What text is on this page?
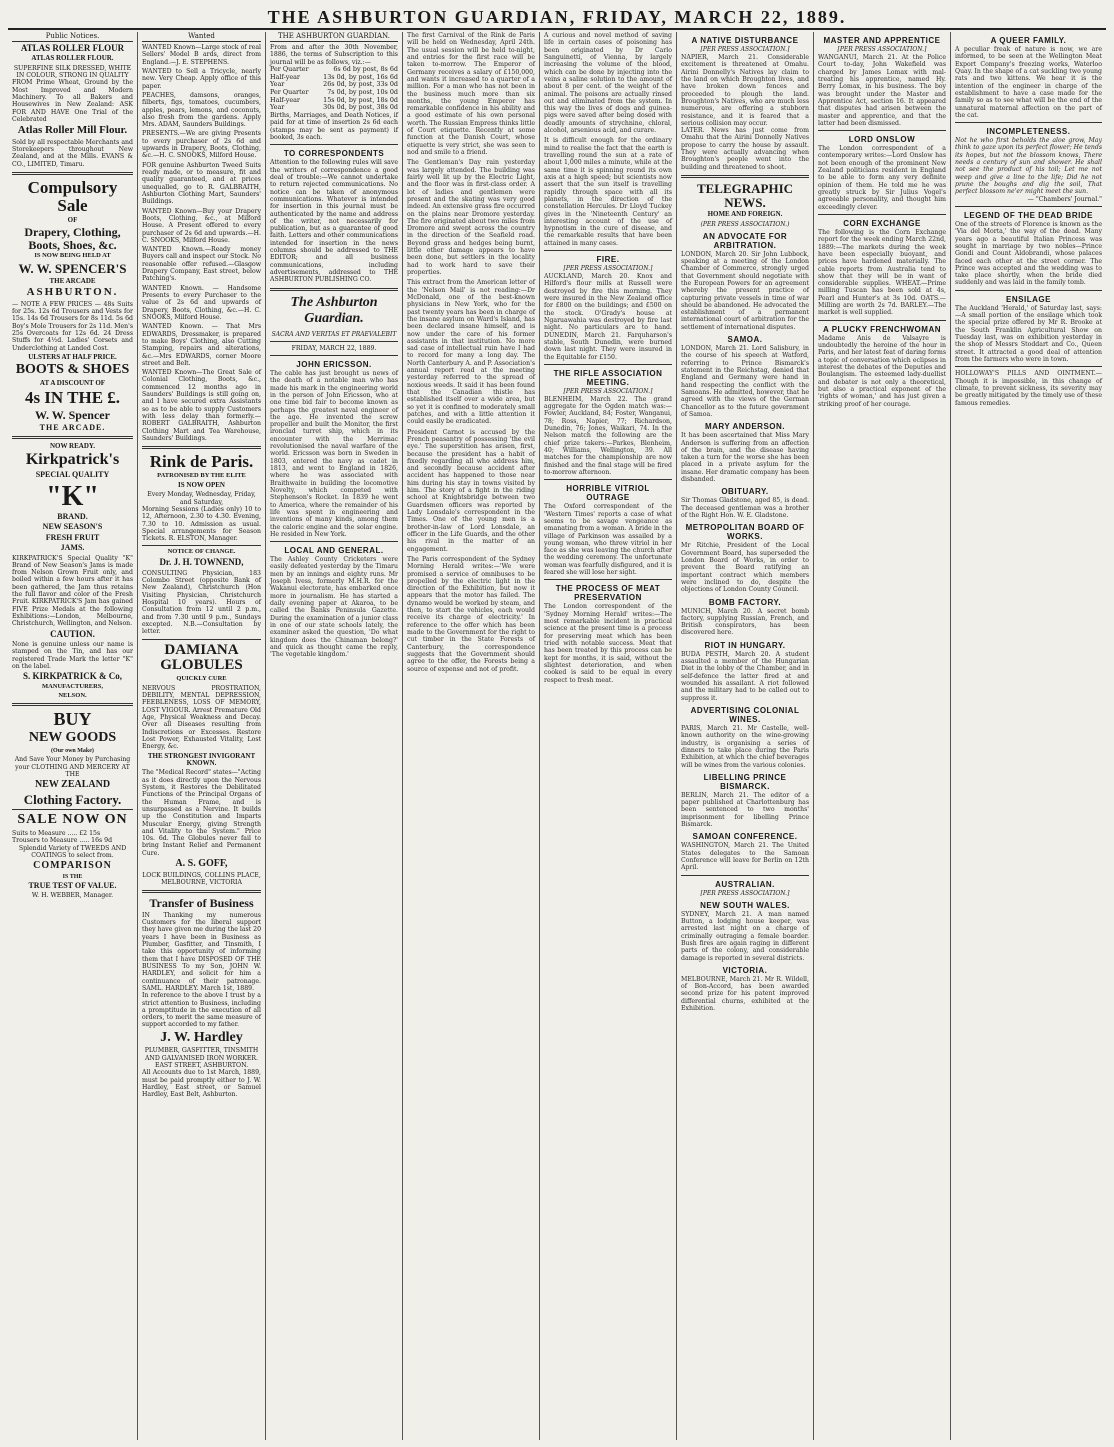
THE ASHBURTON GUARDIAN, FRIDAY, MARCH 22, 1889.
Public Notices.
ATLAS ROLLER FLOUR
ATLAS ROLLER FLOUR.
SUPERFINE SILK DRESSED, WHITE IN COLOUR, STRONG IN QUALITY
FROM Prime Wheat, Ground by the Most Improved and Modern Machinery. To all Bakers and Housewives in New Zealand: ASK FOR AND HAVE One Trial of the Celebrated
Atlas Roller Mill Flour.
Sold by all respectable Merchants and Storekeepers throughout New Zealand, and at the Mills. EVANS & CO., LIMITED, Timaru.
Compulsory Sale
OF
Drapery, Clothing, Boots, Shoes, &c.
IS NOW BEING HELD AT
W. W. SPENCER'S
THE ARCADE
ASHBURTON.
— NOTE A FEW PRICES — 48s Suits for 25s. 12s 6d Trousers and Vests for 15s. 14s 6d Trousers for 8s 11d. 5s 6d Boy's Mole Trousers for 2s 11d. Men's 25s Overcoats for 12s 6d. 24 Dress Stuffs for 4½d. Ladies' Corsets and Underclothing at Landed Cost.
ULSTERS AT HALF PRICE.
BOOTS & SHOES
AT A DISCOUNT OF
4s IN THE £.
W. W. Spencer
THE ARCADE.
NOW READY.
Kirkpatrick's
SPECIAL QUALITY
"K"
BRAND.
NEW SEASON'S
FRESH FRUIT
JAMS.
KIRKPATRICK'S Special Quality "K" Brand of New Season's Jams is made from Nelson Grown Fruit only, and boiled within a few hours after it has been gathered, the Jam thus retains the full flavor and color of the Fresh Fruit. KIRKPATRICK'S Jam has gained FIVE Prize Medals at the following Exhibitions:—London, Melbourne, Christchurch, Wellington, and Nelson.
CAUTION.
None is genuine unless our name is stamped on the Tin, and has our registered Trade Mark the letter "K" on the label.
S. KIRKPATRICK & Co,
MANUFACTURERS,
NELSON.
BUY
NEW GOODS
(Our own Make)
And Save Your Money by Purchasing your CLOTHING AND MERCERY AT THE
NEW ZEALAND
Clothing Factory.
SALE NOW ON
Suits to Measure ..... £2 15s
Trousers to Measure ..... 16s 9d
Splendid Variety of TWEEDS AND COATINGS to select from.
COMPARISON
IS THE
TRUE TEST OF VALUE.
W. H. WEBBER, Manager.
Wanted

WANTED Known—Large stock of real Sellers' Model B ards, direct from England.—J. E. STEPHENS.

WANTED to Sell a Tricycle, nearly new. Very Cheap. Apply office of this paper.

PEACHES, damsons, oranges, filberts, figs, tomatoes, cucumbers, apples, pears, lemons, and coconuts, also fresh from the gardens. Apply Mrs. ADAM, Saunders Buildings.

PRESENTS.—We are giving Presents to every purchaser of 2s 6d and upwards in Drapery, Boots, Clothing, &c.—H. C. SNOOKS, Milford House.

FOR genuine Ashburton Tweed Suits ready made, or to measure, fit and quality guaranteed, and at prices unequalled, go to R. GALBRAITH, Ashburton Clothing Mart, Saunders' Buildings.

WANTED Known—Buy your Drapery Boots, Clothing, &c., at Milford House. A Present offered to every purchaser of 2s 6d and upwards.—H. C. SNOOKS, Milford House.

WANTED Known.—Ready money Buyers call and inspect our Stock. No reasonable offer refused.—Glasgow Drapery Company, East street, below Patching's.

WANTED Known. — Handsome Presents to every Purchaser to the value of 2s 6d and upwards of Drapery, Boots, Clothing, &c.—H. C. SNOOKS, Milford House.

WANTED Known. — That Mrs EDWARDS, Dressmaker, is prepared to make Boys' Clothing, also Cutting Stamping, repairs and alterations, &c.—Mrs EDWARDS, corner Moore street and Belt.

WANTED Known—The Great Sale of Colonial Clothing, Boots, &c., commenced 12 months ago in Saunders' Buildings is still going on, and I have secured extra Assistants so as to be able to supply Customers with less delay than formerly.—ROBERT GALBRAITH, Ashburton Clothing Mart and Tea Warehouse, Saunders' Buildings.

Rink de Paris.
PATRONISED BY THE ELITE
IS NOW OPEN
Every Monday, Wednesday, Friday, and Saturday,
Morning Sessions (Ladies only) 10 to 12, Afternoon, 2.30 to 4.30. Evening, 7.30 to 10. Admission as usual. Special arrangements for Season Tickets. R. ELSTON, Manager.
NOTICE OF CHANGE.
Dr. J. H. TOWNEND,
CONSULTING Physician, 183 Colombo Street (opposite Bank of New Zealand), Christchurch (Hon Visiting Physician, Christchurch Hospital 10 years). Hours of Consultation from 12 until 2 p.m., and from 7.30 until 9 p.m., Sundays excepted. N.B.—Consultation by letter.
DAMIANA GLOBULES
QUICKLY CURE
NERVOUS PROSTRATION, DEBILITY, MENTAL DEPRESSION, FEEBLENESS, LOSS OF MEMORY, LOST VIGOUR. Arrest Premature Old Age, Physical Weakness and Decay. Over all Diseases resulting from Indiscretions or Excesses. Restore Lost Power, Exhausted Vitality, Lost Energy, &c.
THE STRONGEST INVIGORANT KNOWN.
The "Medical Record" states—"Acting as it does directly upon the Nervous System, it Restores the Debilitated Functions of the Principal Organs of the Human Frame, and is unsurpassed as a Nervine. It builds up the Constitution and Imparts Muscular Energy, giving Strength and Vitality to the System." Price 10s. 6d. The Globules never fail to bring Instant Relief and Permanent Cure.
A. S. GOFF,
LOCK BUILDINGS, COLLINS PLACE, MELBOURNE, VICTORIA
Transfer of Business
IN Thanking my numerous Customers for the liberal support they have given me during the last 20 years I have been in Business as Plumber, Gasfitter, and Tinsmith, I take this opportunity of informing them that I have DISPOSED OF THE BUSINESS To my Son, JOHN W. HARDLEY, and solicit for him a continuance of their patronage. SAML. HARDLEY. March 1st, 1889.
In reference to the above I trust by a strict attention to Business, including a promptitude in the execution of all orders, to merit the same measure of support accorded to my father.
J. W. Hardley
PLUMBER, GASFITTER, TINSMITH AND GALVANISED IRON WORKER. EAST STREET, ASHBURTON.
All Accounts due to 1st March, 1889, must be paid promptly either to J. W. Hardley, East street, or Samuel Hardley, East Belt, Ashburton.
THE ASHBURTON GUARDIAN.
From and after the 30th November, 1886, the terms of Subscription to this journal will be as follows, viz.:—
Per Quarter	6s 6d by post, 8s 6d
Half-year	13s 0d, by post, 16s 6d
Year	26s 0d, by post, 33s 0d
Per Quarter	7s 0d, by post, 10s 0d
Half-year	15s 0d, by post, 18s 0d
Year	30s 0d, by post, 38s 0d
Births, Marriages, and Death Notices, if paid for at time of insertion 2s 6d each (stamps may be sent as payment) if booked, 3s each.
TO CORRESPONDENTS
Attention to the following rules will save the writers of correspondence a good deal of trouble:—We cannot undertake to return rejected communications. No notice can be taken of anonymous communications. Whatever is intended for insertion in this journal must be authenticated by the name and address of the writer, not necessarily for publication, but as a guarantee of good faith. Letters and other communications intended for insertion in the news columns should be addressed to THE EDITOR; and all business communications, including advertisements, addressed to THE ASHBURTON PUBLISHING CO.
The Ashburton Guardian.
SACRA AND VERITAS ET PRAEVALEBIT
FRIDAY, MARCH 22, 1889.
JOHN ERICSSON.
The cable has just brought us news of the death of a notable man who has made his mark in the engineering world in the person of John Ericsson, who at one time bid fair to become known as perhaps the greatest naval engineer of the age. He invented the screw propeller and built the Monitor, the first ironclad turret ship, which in its encounter with the Merrimac revolutionised the naval warfare of the world. Ericsson was born in Sweden in 1803, entered the navy as cadet in 1813, and went to England in 1826, where he was associated with Braithwaite in building the locomotive Novelty, which competed with Stephenson's Rocket. In 1839 he went to America, where the remainder of his life was spent in engineering and inventions of many kinds, among them the caloric engine and the solar engine. He resided in New York.
LOCAL AND GENERAL.
The Ashley County Cricketers were easily defeated yesterday by the Timaru men by an innings and eighty runs. Mr Joseph Ivess, formerly M.H.R. for the Wakanui electorate, has embarked once more in journalism. He has started a daily evening paper at Akaroa, to be called the Banks Peninsula Gazette. During the examination of a junior class in one of our state schools lately, the examiner asked the question, 'Do what kingdom does the Chinaman belong?' and quick as thought came the reply, 'The vegetable kingdom.'

The first Carnival of the Rink de Paris will be held on Wednesday, April 24th. The usual session will be held to-night, and entries for the first race will be taken to-morrow. The Emperor of Germany receives a salary of £150,000, and wants it increased to a quarter of a million. For a man who has not been in the business much more than six months, the young Emperor has remarkable confidence in his ability and a good estimate of his own personal worth. The Russian Empress thinks little of Court etiquette. Recently at some function at the Danish Court, whose etiquette is very strict, she was seen to nod and smile to a friend.

The Gentleman's Day rain yesterday was largely attended. The building was fairly well lit up by the Electric Light, and the floor was in first-class order. A lot of ladies and gentlemen were present and the skating was very good indeed. An extensive grass fire occurred on the plains near Dromore yesterday. The fire originated about two miles from Dromore and swept across the country in the direction of the Seafield road. Beyond grass and hedges being burnt, little other damage appears to have been done, but settlers in the locality had to work hard to save their properties.

This extract from the American letter of the 'Nelson Mail' is not reading:—Dr McDonald, one of the best-known physicians in New York, who for the past twenty years has been in charge of the insane asylum on Ward's Island, has been declared insane himself, and is now under the care of his former assistants in that institution. No more sad case of intellectual ruin have I had to record for many a long day. The North Canterbury A. and P. Association's annual report read at the meeting yesterday referred to the spread of noxious weeds. It said it has been found that the Canadian thistle has established itself over a wide area, but so yet it is confined to moderately small patches, and with a little attention it could easily be eradicated.

President Carnot is accused by the French peasantry of possessing 'the evil eye.' The superstition has arisen, first, because the president has a habit of fixedly regarding all who address him, and secondly because accident after accident has happened to those near him during his stay in towns visited by him. The story of a fight in the riding school at Knightsbridge between two Guardsmen officers was reported by Lady Lonsdale's correspondent in the Times. One of the young men is a brother-in-law of Lord Lonsdale, an officer in the Life Guards, and the other his rival in the matter of an engagement.

The Paris correspondent of the Sydney Morning Herald writes:—'We were promised a service of omnibuses to be propelled by the electric light in the direction of the Exhibition, but now it appears that the motor has failed. The dynamo would be worked by steam, and then, to start the vehicles, each would receive its charge of electricity.' In reference to the offer which has been made to the Government for the right to cut timber in the State Forests of Canterbury, the correspondence suggests that the Government should agree to the offer, the Forests being a source of expense and not of profit.

A curious and novel method of saving life in certain cases of poisoning has been originated by Dr Carlo Sanguinetti, of Vienna, by largely increasing the volume of the blood, which can be done by injecting into the veins a saline solution to the amount of about 8 per cent. of the weight of the animal. The poisons are actually rinsed out and eliminated from the system. In this way the lives of dogs and guinea-pigs were saved after being dosed with deadly amounts of strychnine, chloral, alcohol, arsenious acid, and curare.

It is difficult enough for the ordinary mind to realise the fact that the earth is travelling round the sun at a rate of about 1,000 miles a minute, while at the same time it is spinning round its own axis at a high speed; but scientists now assert that the sun itself is travelling rapidly through space with all its planets, in the direction of the constellation Hercules. Dr Lloyd Tuckey gives in the 'Nineteenth Century' an interesting account of the use of hypnotism in the cure of disease, and the remarkable results that have been attained in many cases.

FIRE.
[PER PRESS ASSOCIATION.]
AUCKLAND, March 20. Knox and Hilford's flour mills at Russell were destroyed by fire this morning. They were insured in the New Zealand office for £800 on the buildings; and £500 on the stock. O'Grady's house at Ngaruawahia was destroyed by fire last night. No particulars are to hand. DUNEDIN, March 21. Farquharson's stable, South Dunedin, were burned down last night. They were insured in the Equitable for £150.
THE RIFLE ASSOCIATION MEETING.
[PER PRESS ASSOCIATION.]
BLENHEIM, March 22. The grand aggregate for the Ogden match was:—Fowler, Auckland, 84; Foster, Wanganui, 78; Ross, Napier, 77; Richardson, Dunedin, 76; Jones, Waikari, 74. In the Nelson match the following are the chief prize takers:—Parkes, Blenheim, 40; Williams, Wellington, 39. All matches for the championship are now finished and the final stage will be fired to-morrow afternoon.
HORRIBLE VITRIOL OUTRAGE
The Oxford correspondent of the 'Western Times' reports a case of what seems to be savage vengeance as emanating from a woman. A bride in the village of Parkinson was assailed by a young woman, who threw vitriol in her face as she was leaving the church after the wedding ceremony. The unfortunate woman was fearfully disfigured, and it is feared she will lose her sight.
THE PROCESS OF MEAT PRESERVATION
The London correspondent of the 'Sydney Morning Herald' writes:—The most remarkable incident in practical science at the present time is a process for preserving meat which has been tried with notable success. Meat that has been treated by this process can be kept for months, it is said, without the slightest deterioration, and when cooked is said to be equal in every respect to fresh meat.
A NATIVE DISTURBANCE
[PER PRESS ASSOCIATION.]
NAPIER, March 21. Considerable excitement is threatened at Omahu. Airini Donnelly's Natives lay claim to the land on which Broughton lives, and have broken down fences and proceeded to plough the land. Broughton's Natives, who are much less numerous, are offering a stubborn resistance, and it is feared that a serious collision may occur.
LATER. News has just come from Omahu that the Airini Donnelly Natives propose to carry the house by assault. They were actually advancing when Broughton's people went into the building and threatened to shoot.
TELEGRAPHIC NEWS.
HOME AND FOREIGN.
(PER PRESS ASSOCIATION.)
AN ADVOCATE FOR ARBITRATION.
LONDON, March 20. Sir John Lubbock, speaking at a meeting of the London Chamber of Commerce, strongly urged that Government should negotiate with the European Powers for an agreement whereby the present practice of capturing private vessels in time of war should be abandoned. He advocated the establishment of a permanent international court of arbitration for the settlement of international disputes.
SAMOA.
LONDON, March 21. Lord Salisbury, in the course of his speech at Watford, referring to Prince Bismarck's statement in the Reichstag, denied that England and Germany were hand in hand respecting the conflict with the Samoans. He admitted, however, that he agreed with the views of the German Chancellor as to the future government of Samoa.
MARY ANDERSON.
It has been ascertained that Miss Mary Anderson is suffering from an affection of the brain, and the disease having taken a turn for the worse she has been placed in a private asylum for the insane. Her dramatic company has been disbanded.
OBITUARY.
Sir Thomas Gladstone, aged 85, is dead. The deceased gentleman was a brother of the Right Hon. W. E. Gladstone.
METROPOLITAN BOARD OF WORKS.
Mr Ritchie, President of the Local Government Board, has superseded the London Board of Works, in order to prevent the Board ratifying an important contract which members were inclined to do, despite the objections of London County Council.
BOMB FACTORY.
MUNICH, March 20. A secret bomb factory, supplying Russian, French, and British conspirators, has been discovered here.
RIOT IN HUNGARY.
BUDA PESTH, March 20. A student assaulted a member of the Hungarian Diet in the lobby of the Chamber, and in self-defence the latter fired at and wounded his assailant. A riot followed and the military had to be called out to suppress it.
ADVERTISING COLONIAL WINES.
PARIS, March 21. Mr Castelle, well-known authority on the wine-growing industry, is organising a series of dinners to take place during the Paris Exhibition, at which the chief beverages will be wines from the various colonies.
LIBELLING PRINCE BISMARCK.
BERLIN, March 21. The editor of a paper published at Charlottenburg has been sentenced to two months' imprisonment for libelling Prince Bismarck.
SAMOAN CONFERENCE.
WASHINGTON, March 21. The United States delegates to the Samoan Conference will leave for Berlin on 12th April.
AUSTRALIAN.
[PER PRESS ASSOCIATION.]
NEW SOUTH WALES.
SYDNEY, March 21. A man named Button, a lodging house keeper, was arrested last night on a charge of criminally outraging a female boarder. Bush fires are again raging in different parts of the colony, and considerable damage is reported in several districts.
VICTORIA.
MELBOURNE, March 21. Mr R. Wildell, of Bon-Accord, has been awarded second prize for his patent improved differential churns, exhibited at the Exhibition.
MASTER AND APPRENTICE
[PER PRESS ASSOCIATION.]
WANGANUI, March 21. At the Police Court to-day, John Wakefield was charged by James Lomax with mal-treating his apprentice, named Hy. Berry Lomax, in his business. The boy was brought under the Master and Apprentice Act, section 16. It appeared that disputes had arisen between the master and apprentice, and that the latter had been dismissed.
LORD ONSLOW
The London correspondent of a contemporary writes:—Lord Onslow has not been enough of the prominent New Zealand politicians resident in England to be able to form any very definite opinion of them. He told me he was greatly struck by Sir Julius Vogel's agreeable personality, and thought him exceedingly clever.
CORN EXCHANGE
The following is the Corn Exchange report for the week ending March 22nd, 1889:—The markets during the week have been especially buoyant, and prices have hardened materially. The cable reports from Australia tend to show that they will be in want of considerable supplies. WHEAT.—Prime milling Tuscan has been sold at 4s, Pearl and Hunter's at 3s 10d. OATS.—Milling are worth 2s 7d. BARLEY.—The market is well supplied.
A PLUCKY FRENCHWOMAN
Madame Anis de Valsayre is undoubtedly the heroine of the hour in Paris, and her latest feat of daring forms a topic of conversation which eclipses in interest the debates of the Deputies and Boulangism. The esteemed lady-duellist and debater is not only a theoretical, but also a practical exponent of the 'rights of woman,' and has just given a striking proof of her courage.
A QUEER FAMILY.
A peculiar freak of nature is now, we are informed, to be seen at the Wellington Meat Export Company's freezing works, Waterloo Quay. In the shape of a cat suckling two young rats and two kittens. We hear it is the intention of the engineer in charge of the establishment to have a case made for the family so as to see what will be the end of the unnatural maternal affection on the part of the cat.
INCOMPLETENESS.
Not he who first beholds the aloe grow, May think to gaze upon its perfect flower; He tends its hopes, but not the blossom knows, There needs a century of sun and shower. He shall not see the product of his toil; Let me not weep and give a line to the life; Did he not prune the boughs and dig the soil, That perfect blossom ne'er might meet the sun.
— "Chambers' Journal."
LEGEND OF THE DEAD BRIDE
One of the streets of Florence is known as the 'Via del Morta,' the way of the dead. Many years ago a beautiful Italian Princess was sought in marriage by two nobles—Prince Gondi and Count Aldobrandi, whose palaces faced each other at the street corner. The Prince was accepted and the wedding was to take place shortly, when the bride died suddenly and was laid in the family tomb.
ENSILAGE
The Auckland 'Herald,' of Saturday last, says:—A small portion of the ensilage which took the special prize offered by Mr R. Brooke at the South Franklin Agricultural Show on Tuesday last, was on exhibition yesterday in the shop of Messrs Stoddart and Co., Queen street. It attracted a good deal of attention from the farmers who were in town.
HOLLOWAY'S PILLS AND OINTMENT.—Though it is impossible, in this change of climate, to prevent sickness, its severity may be greatly mitigated by the timely use of these famous remedies.
